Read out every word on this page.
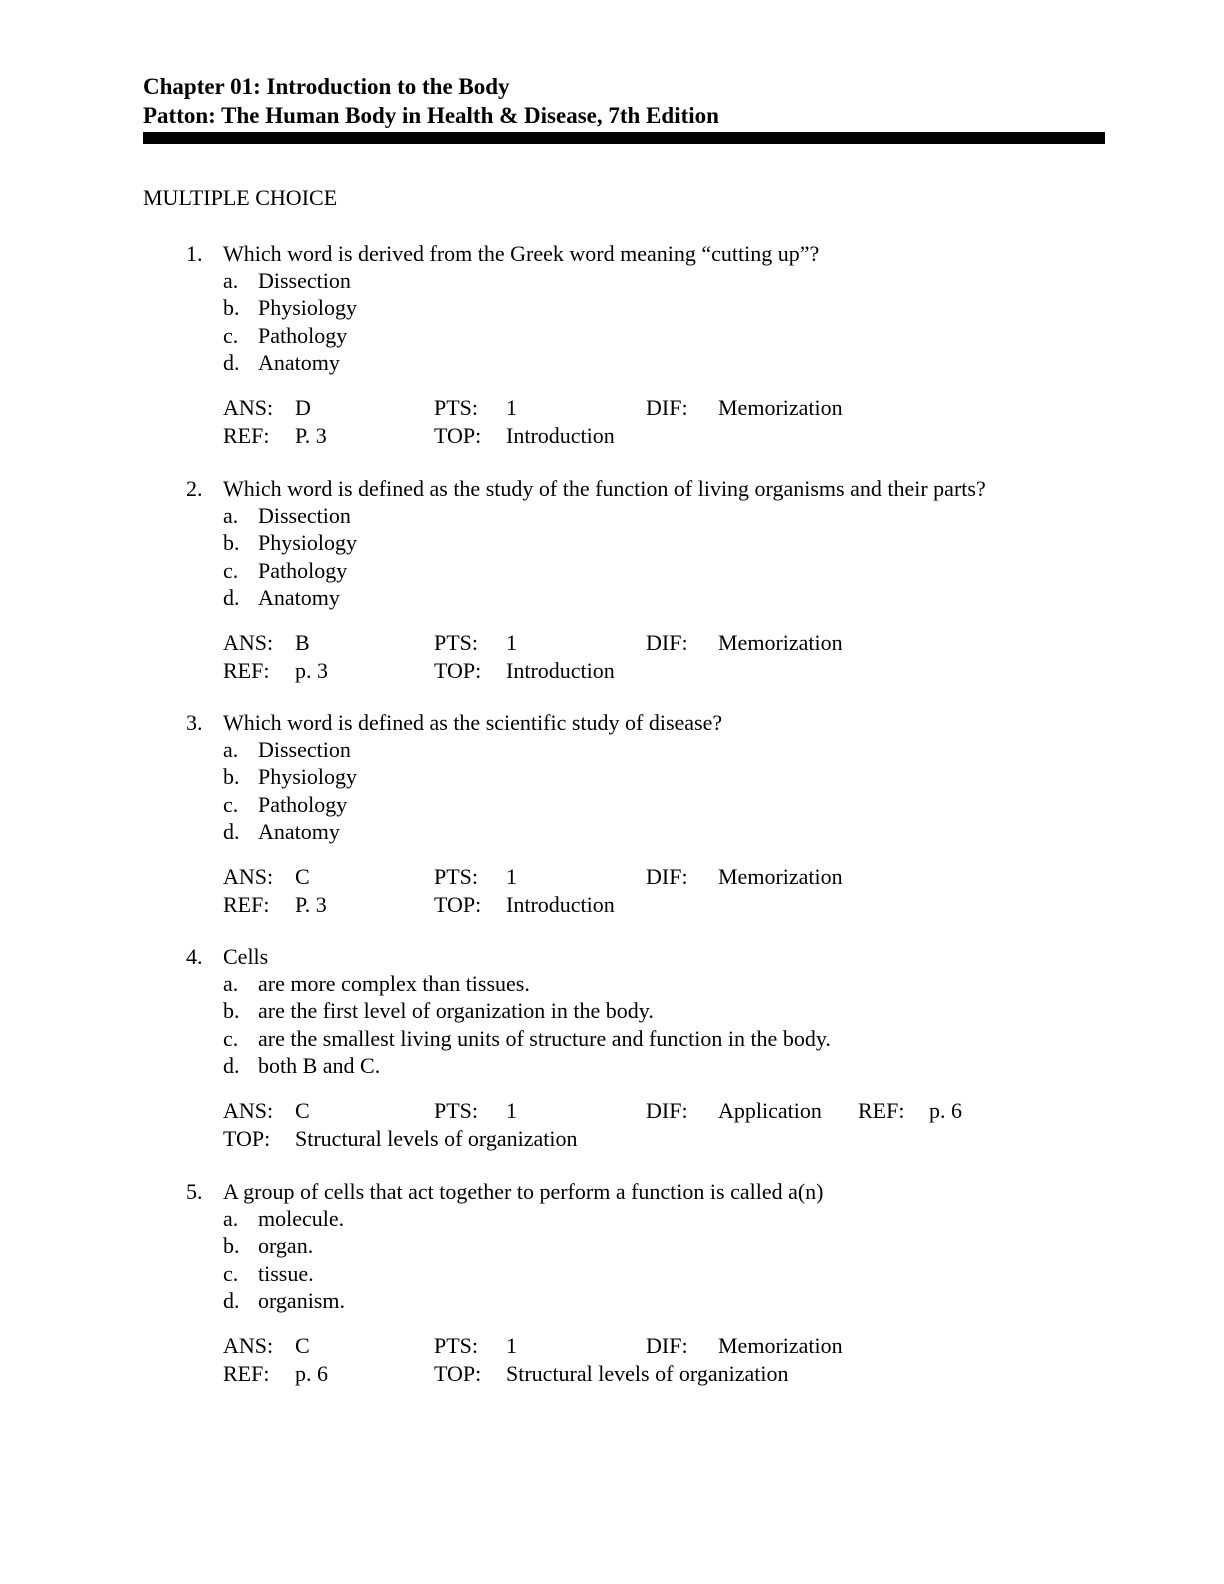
Chapter 01: Introduction to the Body
Patton: The Human Body in Health & Disease, 7th Edition
MULTIPLE CHOICE
1. Which word is derived from the Greek word meaning “cutting up”?
a. Dissection
b. Physiology
c. Pathology
d. Anatomy
ANS: D	PTS: 1	DIF: Memorization
REF: P. 3	TOP: Introduction
2. Which word is defined as the study of the function of living organisms and their parts?
a. Dissection
b. Physiology
c. Pathology
d. Anatomy
ANS: B	PTS: 1	DIF: Memorization
REF: p. 3	TOP: Introduction
3. Which word is defined as the scientific study of disease?
a. Dissection
b. Physiology
c. Pathology
d. Anatomy
ANS: C	PTS: 1	DIF: Memorization
REF: P. 3	TOP: Introduction
4. Cells
a. are more complex than tissues.
b. are the first level of organization in the body.
c. are the smallest living units of structure and function in the body.
d. both B and C.
ANS: C	PTS: 1	DIF: Application REF: p. 6
TOP: Structural levels of organization
5. A group of cells that act together to perform a function is called a(n)
a. molecule.
b. organ.
c. tissue.
d. organism.
ANS: C	PTS: 1	DIF: Memorization
REF: p. 6	TOP: Structural levels of organization
